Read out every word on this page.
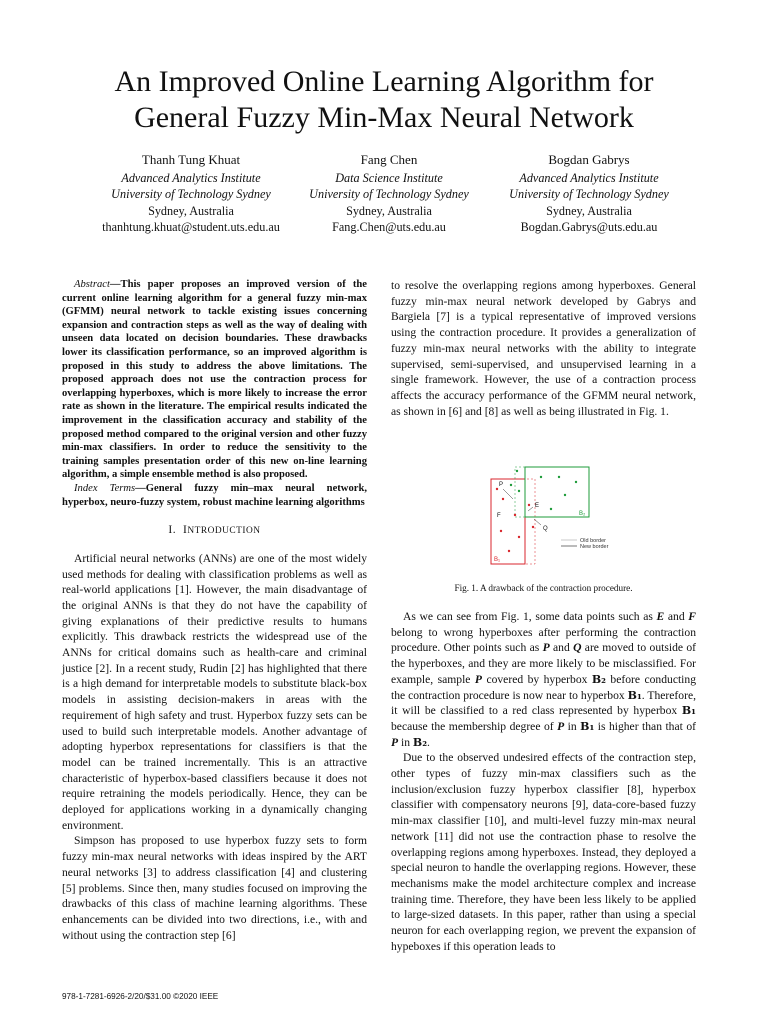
An Improved Online Learning Algorithm for
General Fuzzy Min-Max Neural Network
Thanh Tung Khuat
Advanced Analytics Institute
University of Technology Sydney
Sydney, Australia
thanhtung.khuat@student.uts.edu.au
Fang Chen
Data Science Institute
University of Technology Sydney
Sydney, Australia
Fang.Chen@uts.edu.au
Bogdan Gabrys
Advanced Analytics Institute
University of Technology Sydney
Sydney, Australia
Bogdan.Gabrys@uts.edu.au

Abstract—This paper proposes an improved version of the current online learning algorithm for a general fuzzy min-max (GFMM) neural network to tackle existing issues concerning expansion and contraction steps as well as the way of dealing with unseen data located on decision boundaries. These drawbacks lower its classification performance, so an improved algorithm is proposed in this study to address the above limitations. The proposed approach does not use the contraction process for overlapping hyperboxes, which is more likely to increase the error rate as shown in the literature. The empirical results indicated the improvement in the classification accuracy and stability of the proposed method compared to the original version and other fuzzy min-max classifiers. In order to reduce the sensitivity to the training samples presentation order of this new on-line learning algorithm, a simple ensemble method is also proposed.

Index Terms—General fuzzy min–max neural network, hyperbox, neuro-fuzzy system, robust machine learning algorithms

I. INTRODUCTION

Artificial neural networks (ANNs) are one of the most widely used methods for dealing with classification problems as well as real-world applications [1]. However, the main disadvantage of the original ANNs is that they do not have the capability of giving explanations of their predictive results to humans explicitly. This drawback restricts the widespread use of the ANNs for critical domains such as health-care and criminal justice [2]. In a recent study, Rudin [2] has highlighted that there is a high demand for interpretable models to substitute black-box models in assisting decision-makers in areas with the requirement of high safety and trust. Hyperbox fuzzy sets can be used to build such interpretable models. Another advantage of adopting hyperbox representations for classifiers is that the model can be trained incrementally. This is an attractive characteristic of hyperbox-based classifiers because it does not require retraining the models periodically. Hence, they can be deployed for applications working in a dynamically changing environment.

Simpson has proposed to use hyperbox fuzzy sets to form fuzzy min-max neural networks with ideas inspired by the ART neural networks [3] to address classification [4] and clustering [5] problems. Since then, many studies focused on improving the drawbacks of this class of machine learning algorithms. These enhancements can be divided into two directions, i.e., with and without using the contraction step [6]

to resolve the overlapping regions among hyperboxes. General fuzzy min-max neural network developed by Gabrys and Bargiela [7] is a typical representative of improved versions using the contraction procedure. It provides a generalization of fuzzy min-max neural networks with the ability to integrate supervised, semi-supervised, and unsupervised learning in a single framework. However, the use of a contraction process affects the accuracy performance of the GFMM neural network, as shown in [6] and [8] as well as being illustrated in Fig. 1.

P
E
F
Q
B₁
B₂
Old border
New border
Fig. 1. A drawback of the contraction procedure.

As we can see from Fig. 1, some data points such as E and F belong to wrong hyperboxes after performing the contraction procedure. Other points such as P and Q are moved to outside of the hyperboxes, and they are more likely to be misclassified. For example, sample P covered by hyperbox B₂ before conducting the contraction procedure is now near to hyperbox B₁. Therefore, it will be classified to a red class represented by hyperbox B₁ because the membership degree of P in B₁ is higher than that of P in B₂.

Due to the observed undesired effects of the contraction step, other types of fuzzy min-max classifiers such as the inclusion/exclusion fuzzy hyperbox classifier [8], hyperbox classifier with compensatory neurons [9], data-core-based fuzzy min-max classifier [10], and multi-level fuzzy min-max neural network [11] did not use the contraction phase to resolve the overlapping regions among hyperboxes. Instead, they deployed a special neuron to handle the overlapping regions. However, these mechanisms make the model architecture complex and increase training time. Therefore, they have been less likely to be applied to large-sized datasets. In this paper, rather than using a special neuron for each overlapping region, we prevent the expansion of hypeboxes if this operation leads to

978-1-7281-6926-2/20/$31.00 ©2020 IEEE
